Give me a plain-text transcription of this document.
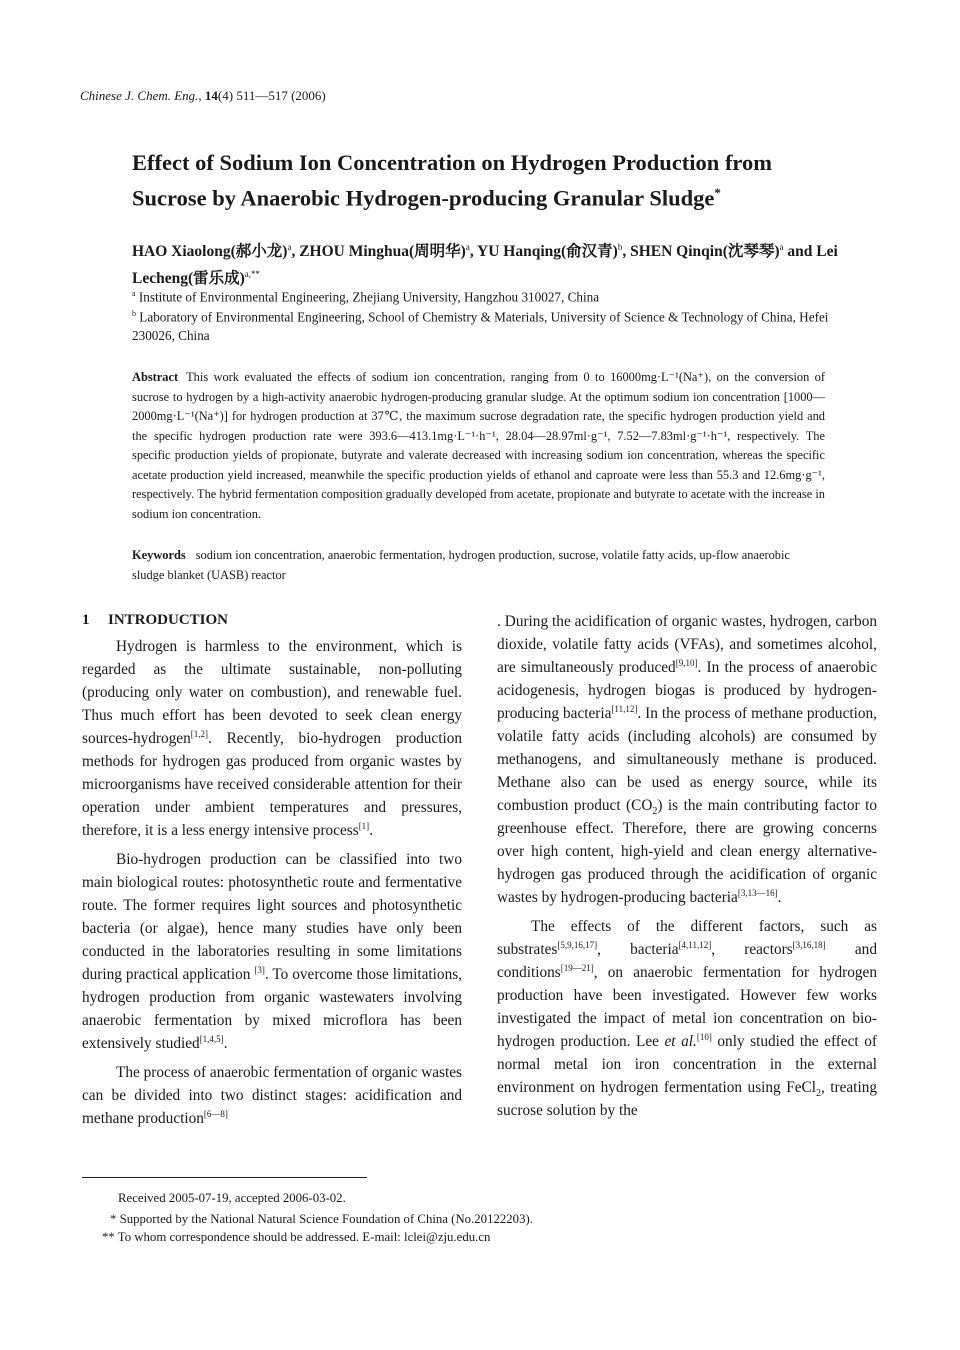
Chinese J. Chem. Eng., 14(4) 511—517 (2006)
Effect of Sodium Ion Concentration on Hydrogen Production from Sucrose by Anaerobic Hydrogen-producing Granular Sludge*
HAO Xiaolong(郝小龙)$^a$, ZHOU Minghua(周明华)$^a$, YU Hanqing(俞汉青)$^b$, SHEN Qinqin(沈琴琴)$^a$ and Lei Lecheng(雷乐成)$^{a,**}$
$^a$ Institute of Environmental Engineering, Zhejiang University, Hangzhou 310027, China
$^b$ Laboratory of Environmental Engineering, School of Chemistry & Materials, University of Science & Technology of China, Hefei 230026, China
Abstract This work evaluated the effects of sodium ion concentration, ranging from 0 to 16000mg·L⁻¹(Na⁺), on the conversion of sucrose to hydrogen by a high-activity anaerobic hydrogen-producing granular sludge. At the optimum sodium ion concentration [1000—2000mg·L⁻¹(Na⁺)] for hydrogen production at 37℃, the maximum sucrose degradation rate, the specific hydrogen production yield and the specific hydrogen production rate were 393.6—413.1mg·L⁻¹·h⁻¹, 28.04—28.97ml·g⁻¹, 7.52—7.83ml·g⁻¹·h⁻¹, respectively. The specific production yields of propionate, butyrate and valerate decreased with increasing sodium ion concentration, whereas the specific acetate production yield increased, meanwhile the specific production yields of ethanol and caproate were less than 55.3 and 12.6mg·g⁻¹, respectively. The hybrid fermentation composition gradually developed from acetate, propionate and butyrate to acetate with the increase in sodium ion concentration.
Keywords sodium ion concentration, anaerobic fermentation, hydrogen production, sucrose, volatile fatty acids, up-flow anaerobic sludge blanket (UASB) reactor
1 INTRODUCTION

Hydrogen is harmless to the environment, which is regarded as the ultimate sustainable, non-polluting (producing only water on combustion), and renewable fuel. Thus much effort has been devoted to seek clean energy sources-hydrogen[1,2]. Recently, bio-hydrogen production methods for hydrogen gas produced from organic wastes by microorganisms have received considerable attention for their operation under ambient temperatures and pressures, therefore, it is a less energy intensive process[1].

Bio-hydrogen production can be classified into two main biological routes: photosynthetic route and fermentative route. The former requires light sources and photosynthetic bacteria (or algae), hence many studies have only been conducted in the laboratories resulting in some limitations during practical application [3]. To overcome those limitations, hydrogen production from organic wastewaters involving anaerobic fermentation by mixed microflora has been extensively studied[1,4,5].

The process of anaerobic fermentation of organic wastes can be divided into two distinct stages: acidification and methane production[6—8]

. During the acidification of organic wastes, hydrogen, carbon dioxide, volatile fatty acids (VFAs), and sometimes alcohol, are simultaneously produced[9,10]. In the process of anaerobic acidogenesis, hydrogen biogas is produced by hydrogen-producing bacteria[11,12]. In the process of methane production, volatile fatty acids (including alcohols) are consumed by methanogens, and simultaneously methane is produced. Methane also can be used as energy source, while its combustion product $(CO_2)$ is the main contributing factor to greenhouse effect. Therefore, there are growing concerns over high content, high-yield and clean energy alternative-hydrogen gas produced through the acidification of organic wastes by hydrogen-producing bacteria[3,13—16].

The effects of the different factors, such as substrates[5,9,16,17], bacteria[4,11,12], reactors[3,16,18] and conditions[19—21], on anaerobic fermentation for hydrogen production have been investigated. However few works investigated the impact of metal ion concentration on bio-hydrogen production. Lee et al.[10] only studied the effect of normal metal ion iron concentration in the external environment on hydrogen fermentation using FeCl$_2$, treating sucrose solution by the

Received 2005-07-19, accepted 2006-03-02.
* Supported by the National Natural Science Foundation of China (No.20122203).
** To whom correspondence should be addressed. E-mail: lclei@zju.edu.cn
